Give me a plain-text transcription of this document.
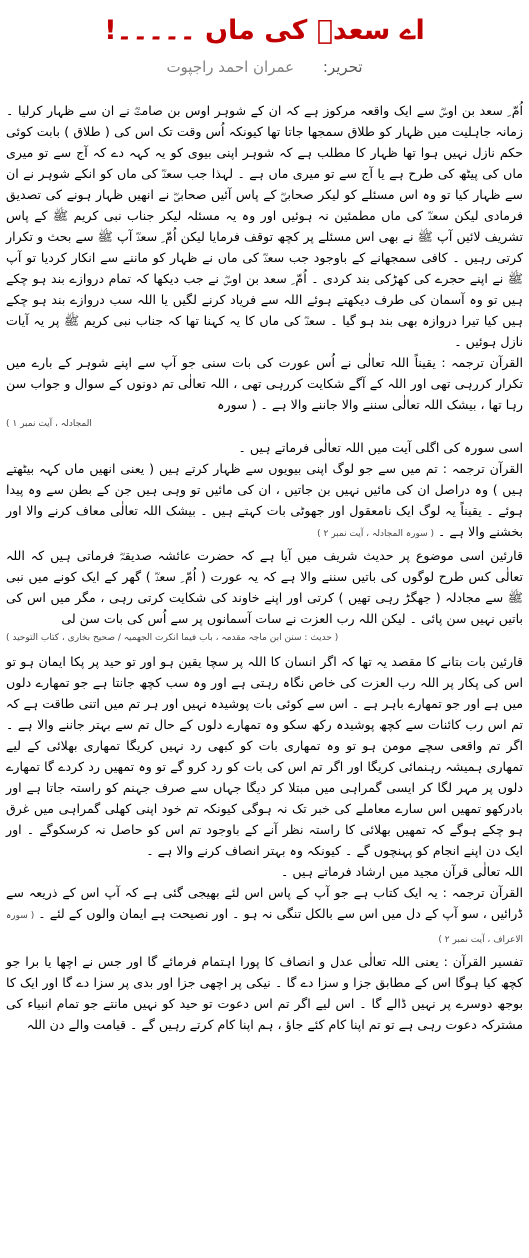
اے سعدؓ کی ماں ۔۔۔۔۔!
تحریر: عمران احمد راجپوت

اُمّ ِ سعد بن اوسؓ سے ایک واقعہ مرکوز ہے کہ ان کے شوہر اوس بن صامتؓ نے ان سے ظہار کرلیا ۔ زمانہ جاہلیت میں ظہار کو طلاق سمجھا جاتا تھا کیونکہ اُس وقت تک اس کی ( طلاق ) بابت کوئی حکم نازل نہیں ہوا تھا ظہار کا مطلب ہے کہ شوہر اپنی بیوی کو یہ کہہ دے کہ آج سے تو میری ماں کی پیٹھ کی طرح ہے یا آج سے تو میری ماں ہے ۔ لہذا جب سعدؓ کی ماں کو انکے شوہر نے ان سے ظہار کیا تو وہ اس مسئلے کو لیکر صحابیؓ کے پاس آئیں صحابیؓ نے انھیں ظہار ہونے کی تصدیق فرمادی لیکن سعدؓ کی ماں مطمئین نہ ہوئیں اور وہ یہ مسئلہ لیکر جناب نبی کریم ﷺ کے پاس تشریف لائیں آپ ﷺ نے بھی اس مسئلے پر کچھ توقف فرمایا لیکن اُمّ ِ سعدؓ آپ ﷺ سے بحث و تکرار کرتی رہیں ۔ کافی سمجھانے کے باوجود جب سعدؓ کی ماں نے ظہار کو ماننے سے انکار کردیا تو آپ ﷺ نے اپنے حجرے کی کھڑکی بند کردی ۔ اُمّ ِ سعد بن اوسؓ نے جب دیکھا کہ تمام دروازے بند ہو چکے ہیں تو وہ آسمان کی طرف دیکھتے ہوئے اللہ سے فریاد کرنے لگیں یا اللہ سب دروازے بند ہو چکے ہیں کیا تیرا دروازہ بھی بند ہو گیا ۔ سعدؓ کی ماں کا یہ کہنا تھا کہ جناب نبی کریم ﷺ پر یہ آیات نازل ہوئیں ۔

القرآن ترجمہ : یقیناً اللہ تعالٰی نے اُس عورت کی بات سنی جو آپ سے اپنے شوہر کے بارے میں تکرار کررہی تھی اور اللہ کے آگے شکایت کررہی تھی ، اللہ تعالٰی تم دونوں کے سوال و جواب سن رہا تھا ، بیشک اللہ تعالٰی سننے والا جاننے والا ہے ۔ ( سورہ

المجادلہ ، آیت نمبر ۱ )

اسی سورہ کی اگلی آیت میں اللہ تعالٰی فرماتے ہیں ۔

القرآن ترجمہ : تم میں سے جو لوگ اپنی بیویوں سے ظہار کرتے ہیں ( یعنی انھیں ماں کہہ بیٹھتے ہیں ) وہ دراصل ان کی مائیں نہیں بن جاتیں ، ان کی مائیں تو وہی ہیں جن کے بطن سے وہ پیدا ہوئے ۔ یقیناً یہ لوگ ایک نامعقول اور جھوٹی بات کہتے ہیں ۔ بیشک اللہ تعالٰی معاف کرنے والا اور بخشنے والا ہے ۔ ( سورہ المجادلہ ، آیت نمبر ۲ )

قارئین اسی موضوع پر حدیث شریف میں آیا ہے کہ حضرت عائشہ صدیقہؓ فرماتی ہیں کہ اللہ تعالٰی کس طرح لوگوں کی باتیں سننے والا ہے کہ یہ عورت ( اُمّ ِ سعدؓ ) گھر کے ایک کونے میں نبی ﷺ سے مجادلہ ( جھگڑ رہی تھیں ) کرتی اور اپنے خاوند کی شکایت کرتی رہی ، مگر میں اس کی باتیں نہیں سن پائی ۔ لیکن اللہ رب العزت نے سات آسمانوں پر سے اُس کی بات سن لی

( حدیث : سنن ابن ماجہ مقدمہ ، باب فیما انکرت الجھمیہ / صحیح بخاری ، کتاب التوحید )

قارئین بات بتانے کا مقصد یہ تھا کہ اگر انسان کا اللہ پر سچا یقین ہو اور تو حید پر پکا ایمان ہو تو اس کی پکار پر اللہ رب العزت کی خاص نگاہ رہتی ہے اور وہ سب کچھ جانتا ہے جو تمھارے دلوں میں ہے اور جو تمھارے باہر ہے ۔ اس سے کوئی بات پوشیدہ نہیں اور ہر تم میں اتنی طاقت ہے کہ تم اس رب کائنات سے کچھ پوشیدہ رکھ سکو وہ تمھارے دلوں کے حال تم سے بہتر جاننے والا ہے ۔ اگر تم واقعی سچے مومن ہو تو وہ تمھاری بات کو کبھی رد نہیں کریگا تمھاری بھلائی کے لیے تمھاری ہمیشہ رہنمائی کریگا اور اگر تم اس کی بات کو رد کرو گے تو وہ تمھیں رد کردے گا تمھارے دلوں پر مہر لگا کر ایسی گمراہی میں مبتلا کر دیگا جہاں سے صرف جہنم کو راستہ جاتا ہے اور بادرکھو تمھیں اس سارے معاملے کی خبر تک نہ ہوگی کیونکہ تم خود اپنی کھلی گمراہی میں غرق ہو چکے ہوگے کہ تمھیں بھلائی کا راستہ نظر آنے کے باوجود تم اس کو حاصل نہ کرسکوگے ۔ اور ایک دن اپنے انجام کو پہنچوں گے ۔ کیونکہ وہ بہتر انصاف کرنے والا ہے ۔

اللہ تعالٰی قرآن مجید میں ارشاد فرماتے ہیں ۔

القرآن ترجمہ : یہ ایک کتاب ہے جو آپ کے پاس اس لئے بھیجی گئی ہے کہ آپ اس کے ذریعہ سے ڈرائیں ، سو آپ کے دل میں اس سے بالکل تنگی نہ ہو ۔ اور نصیحت ہے ایمان والوں کے لئے ۔ ( سورہ الاعراف ، آیت نمبر ۲ )

تفسیر القرآن : یعنی اللہ تعالٰی عدل و انصاف کا پورا اہتمام فرمائے گا اور جس نے اچھا یا برا جو کچھ کیا ہوگا اس کے مطابق جزا و سزا دے گا ۔ نیکی پر اچھی جزا اور بدی پر سزا دے گا اور ایک کا بوجھ دوسرے پر نہیں ڈالے گا ۔ اس لیے اگر تم اس دعوت تو حید کو نہیں مانتے جو تمام انبیاء کی مشترکہ دعوت رہی ہے تو تم اپنا کام کئے جاؤ ، ہم اپنا کام کرتے رہیں گے ۔ قیامت والے دن اللہ
